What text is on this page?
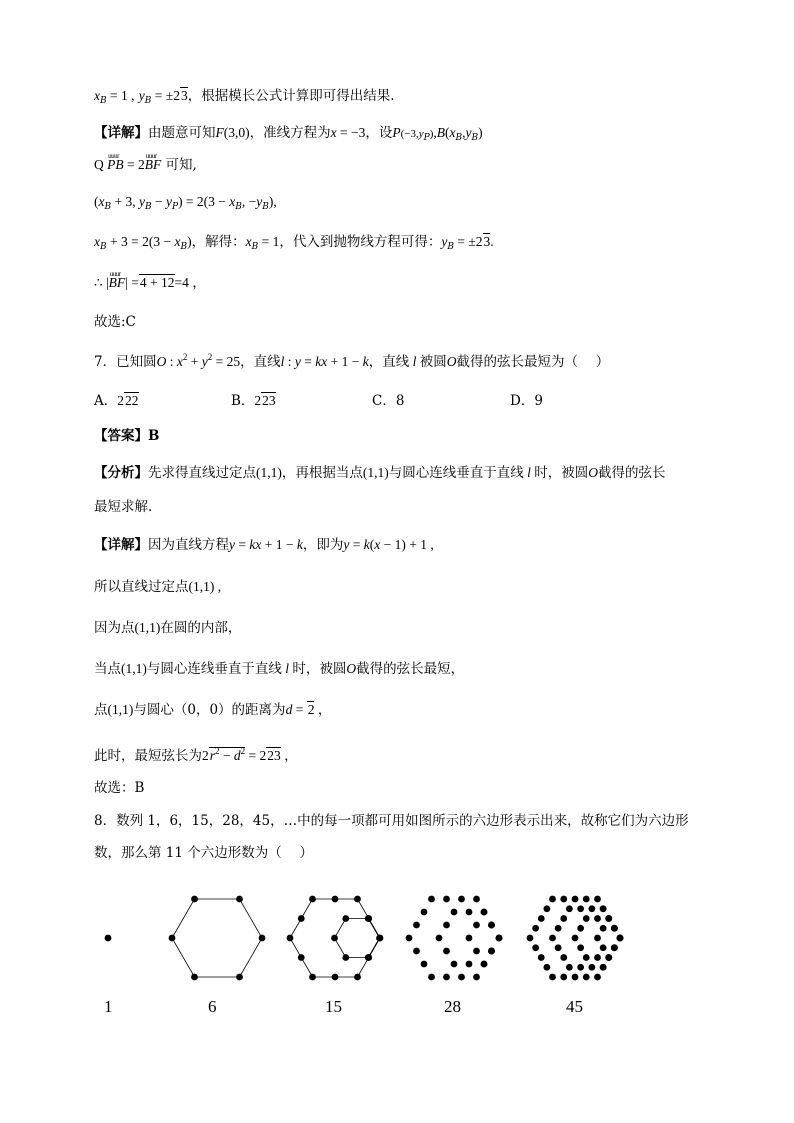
$x_B = 1$ , $y_B = \pm 23$，根据模长公式计算即可得出结果.
【详解】由题意可知F(3,0)，准线方程为x = −3，设$P(-3,y_P),B(x_B,y_B)$
Q uuur PB = 2uuur BF 可知,
($x_B + 3$, $y_B - y_P) = 2(3 - x_B$, $-y_B$),
$x_B + 3 = 2(3 - x_B)$，解得：$x_B = 1$，代入到抛物线方程可得：$y_B = \pm 23$.
∴ |uuur BF| =4 + 12=4 ，
故选:C
7．已知圆O : $x^2 + y^2 = 25$，直线l : y = kx + 1 − k，直线 l 被圆O截得的弦长最短为（　 ）
A．222	B．223	C．8	D．9
【答案】B
【分析】先求得直线过定点(1,1)，再根据当点(1,1)与圆心连线垂直于直线 l 时，被圆O截得的弦长
最短求解.
【详解】因为直线方程y = kx + 1 − k，即为y = k(x − 1) + 1 ,
所以直线过定点(1,1) ,
因为点(1,1)在圆的内部，
当点(1,1)与圆心连线垂直于直线 l 时，被圆O截得的弦长最短，
点(1,1)与圆心（0，0）的距离为d = 2 ，
此时，最短弦长为$2r^2 - d^2 = 223$ ，
故选：B
8．数列 1，6，15，28，45，…中的每一项都可用如图所示的六边形表示出来，故称它们为六边形
数，那么第 11 个六边形数为（　 ）
1	6	15	28	45
